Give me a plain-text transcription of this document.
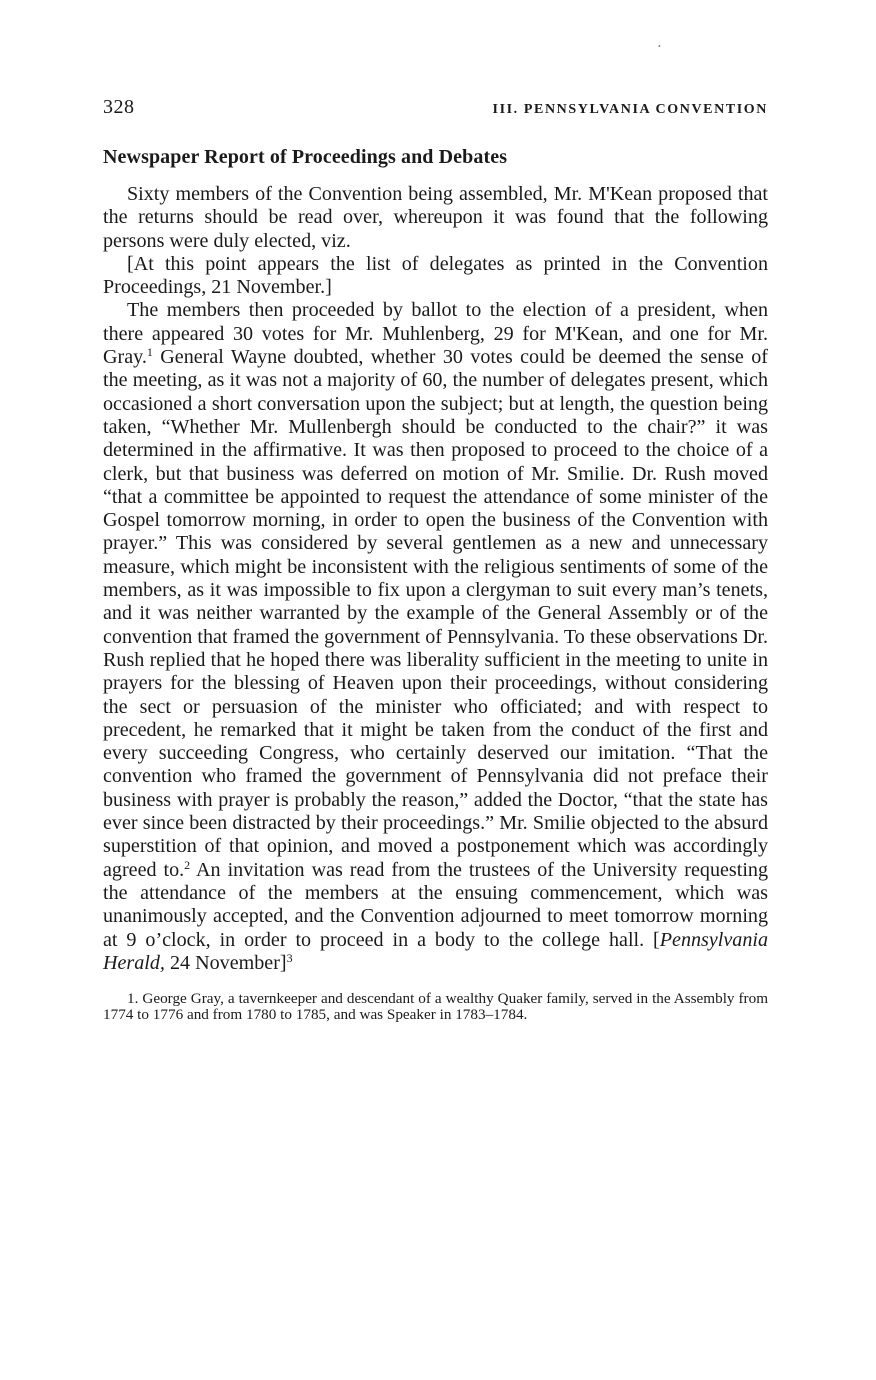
•
328	III. PENNSYLVANIA CONVENTION
Newspaper Report of Proceedings and Debates

Sixty members of the Convention being assembled, Mr. M'Kean proposed that the returns should be read over, whereupon it was found that the following persons were duly elected, viz.

[At this point appears the list of delegates as printed in the Convention Proceedings, 21 November.]

The members then proceeded by ballot to the election of a president, when there appeared 30 votes for Mr. Muhlenberg, 29 for M'Kean, and one for Mr. Gray.$^1$ General Wayne doubted, whether 30 votes could be deemed the sense of the meeting, as it was not a majority of 60, the number of delegates present, which occasioned a short conversation upon the subject; but at length, the question being taken, “Whether Mr. Mullenbergh should be conducted to the chair?” it was determined in the affirmative. It was then proposed to proceed to the choice of a clerk, but that business was deferred on motion of Mr. Smilie. Dr. Rush moved “that a committee be appointed to request the attendance of some minister of the Gospel tomorrow morning, in order to open the business of the Convention with prayer.” This was considered by several gentlemen as a new and unnecessary measure, which might be inconsistent with the religious sentiments of some of the members, as it was impossible to fix upon a clergyman to suit every man’s tenets, and it was neither warranted by the example of the General Assembly or of the convention that framed the government of Pennsylvania. To these observations Dr. Rush replied that he hoped there was liberality sufficient in the meeting to unite in prayers for the blessing of Heaven upon their proceedings, without considering the sect or persuasion of the minister who officiated; and with respect to precedent, he remarked that it might be taken from the conduct of the first and every succeeding Congress, who certainly deserved our imitation. “That the convention who framed the government of Pennsylvania did not preface their business with prayer is probably the reason,” added the Doctor, “that the state has ever since been distracted by their proceedings.” Mr. Smilie objected to the absurd superstition of that opinion, and moved a postponement which was accordingly agreed to.$^2$ An invitation was read from the trustees of the University requesting the attendance of the members at the ensuing commencement, which was unanimously accepted, and the Convention adjourned to meet tomorrow morning at 9 o’clock, in order to proceed in a body to the college hall. [Pennsylvania Herald, 24 November]$^3$

1. George Gray, a tavernkeeper and descendant of a wealthy Quaker family, served in the Assembly from 1774 to 1776 and from 1780 to 1785, and was Speaker in 1783–1784.
